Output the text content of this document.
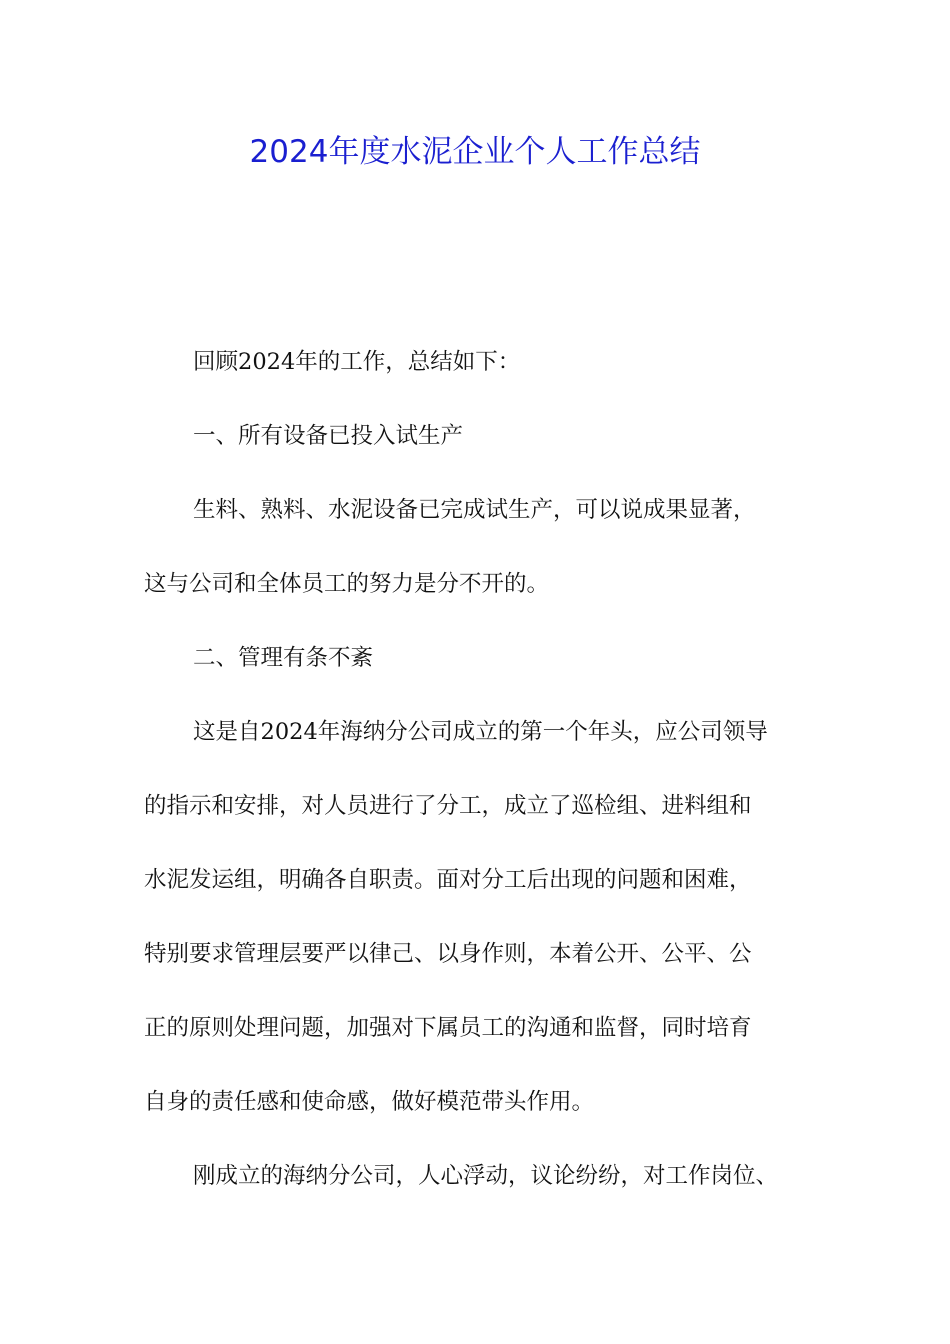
2024年度水泥企业个人工作总结

回顾2024年的工作，总结如下：

一、所有设备已投入试生产

生料、熟料、水泥设备已完成试生产，可以说成果显著，
这与公司和全体员工的努力是分不开的。

二、管理有条不紊

这是自2024年海纳分公司成立的第一个年头，应公司领导
的指示和安排，对人员进行了分工，成立了巡检组、进料组和
水泥发运组，明确各自职责。面对分工后出现的问题和困难，
特别要求管理层要严以律己、以身作则，本着公开、公平、公
正的原则处理问题，加强对下属员工的沟通和监督，同时培育
自身的责任感和使命感，做好模范带头作用。

刚成立的海纳分公司，人心浮动，议论纷纷，对工作岗位、
